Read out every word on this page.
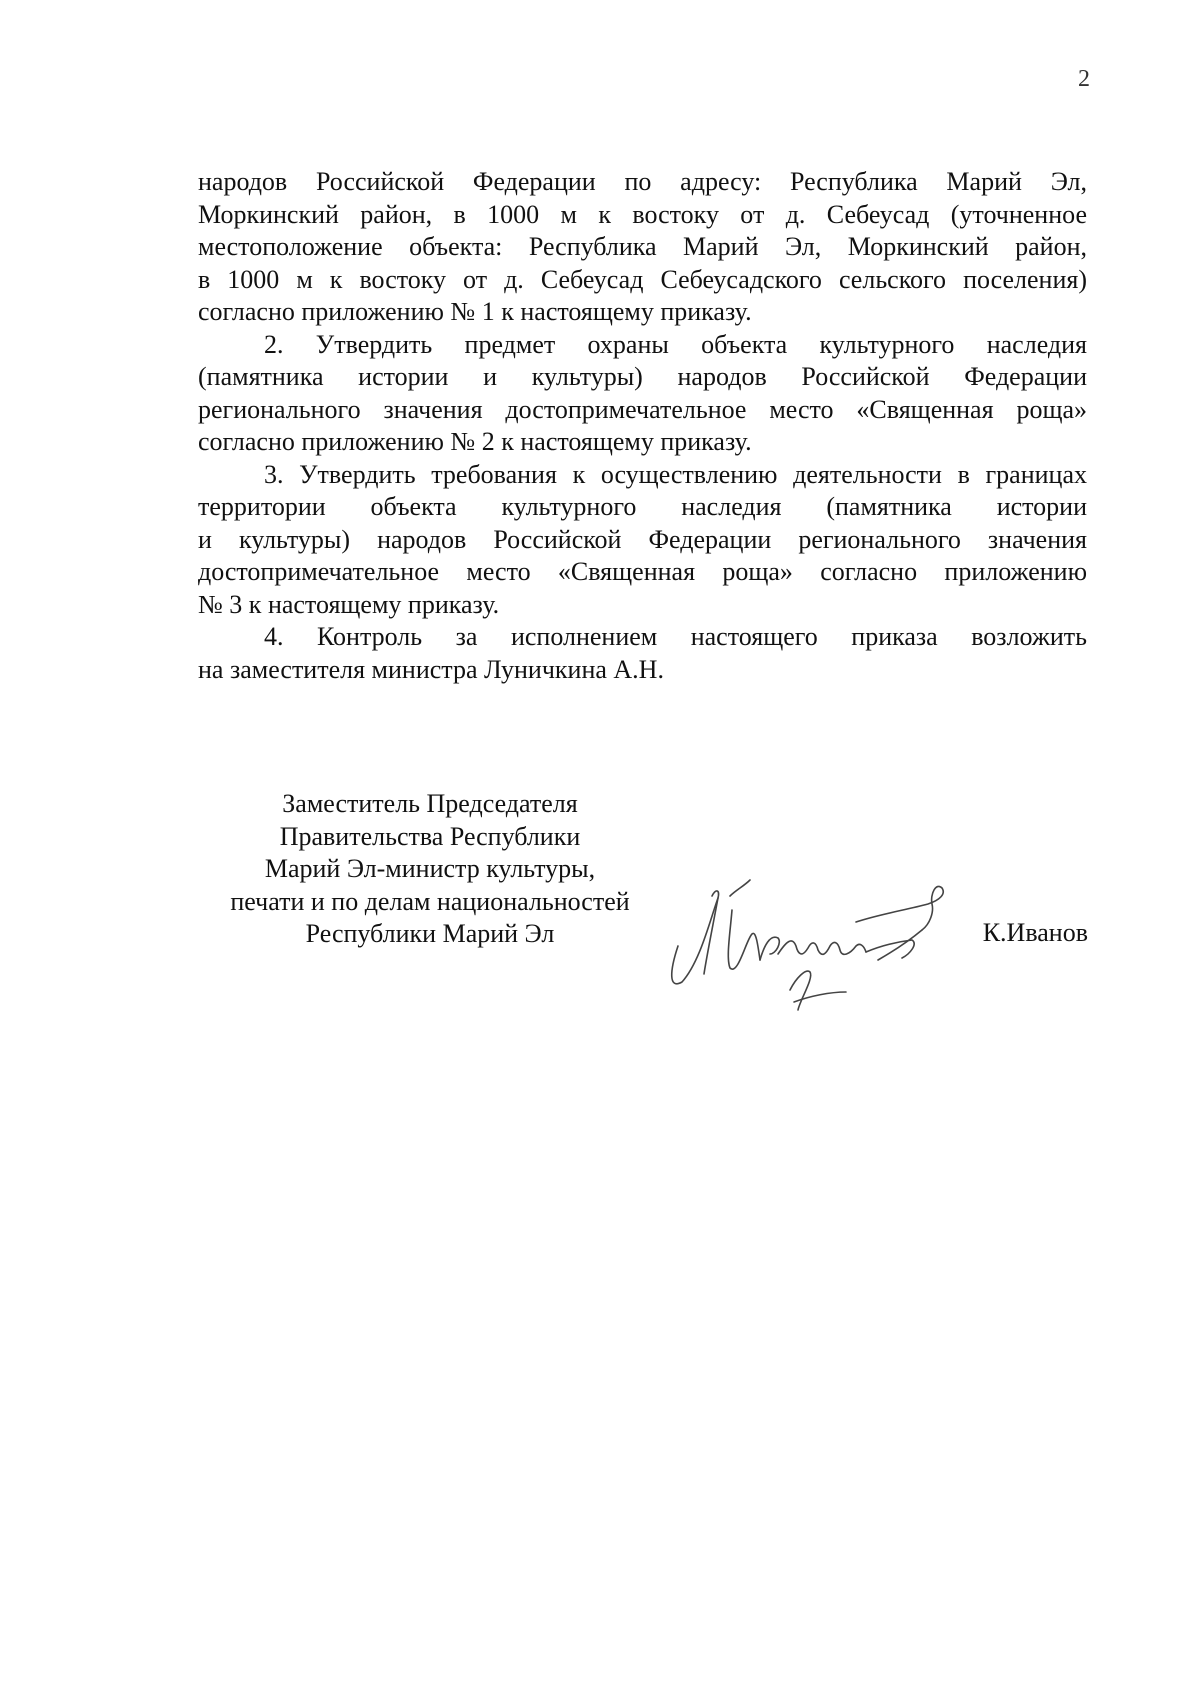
2
народов Российской Федерации по адресу: Республика Марий Эл,
Моркинский район, в 1000 м к востоку от д. Себеусад (уточненное
местоположение объекта: Республика Марий Эл, Моркинский район,
в 1000 м к востоку от д. Себеусад Себеусадского сельского поселения)
согласно приложению № 1 к настоящему приказу.
2. Утвердить предмет охраны объекта культурного наследия
(памятника истории и культуры) народов Российской Федерации
регионального значения достопримечательное место «Священная роща»
согласно приложению № 2 к настоящему приказу.
3. Утвердить требования к осуществлению деятельности в границах
территории объекта культурного наследия (памятника истории
и культуры) народов Российской Федерации регионального значения
достопримечательное место «Священная роща» согласно приложению
№ 3 к настоящему приказу.
4. Контроль за исполнением настоящего приказа возложить
на заместителя министра Луничкина А.Н.
Заместитель Председателя
Правительства Республики
Марий Эл-министр культуры,
печати и по делам национальностей
Республики Марий Эл	К.Иванов
